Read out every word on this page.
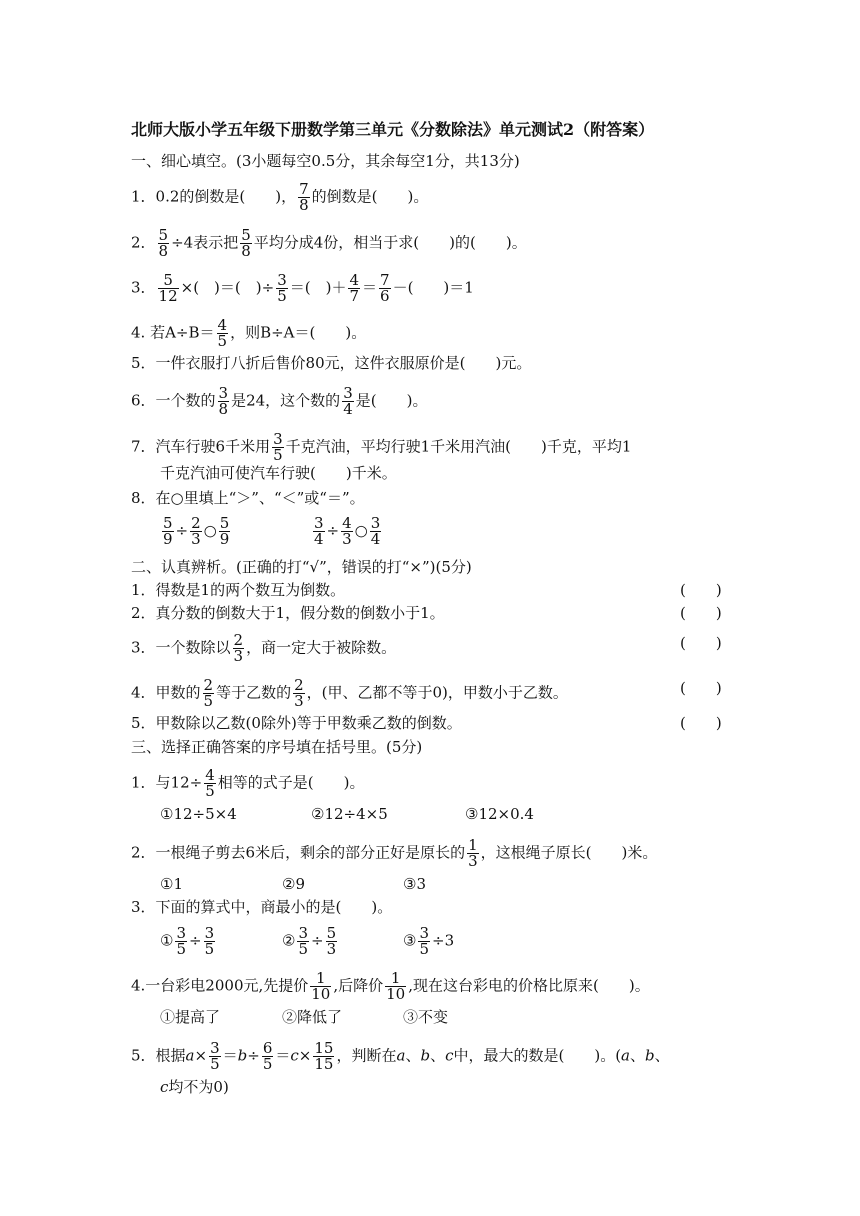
北师大版小学五年级下册数学第三单元《分数除法》单元测试2（附答案）
一、细心填空。(3小题每空0.5分，其余每空1分，共13分)
1．0.2的倒数是(　　)， $\frac{7}{8}$ 的倒数是(　　)。
2． $\frac{5}{8} \div 4$表示把 $\frac{5}{8}$ 平均分成4份，相当于求(　　)的(　　)。
3． $\frac{5}{12}$ ×(　)＝(　)÷ $\frac{3}{5}$ ＝(　)＋ $\frac{4}{7} = \frac{7}{6}$ －(　　)＝1
4. 若$A\div B= \frac{4}{5}$ ，则B÷A＝(　　)。
5．一件衣服打八折后售价80元，这件衣服原价是(　　)元。
6．一个数的 $\frac{3}{8}$ 是24，这个数的 $\frac{3}{4}$ 是(　　)。
7．汽车行驶6千米用 $\frac{3}{5}$ 千克汽油，平均行驶1千米用汽油(　　)千克，平均1
千克汽油可使汽车行驶(　　)千米。
8．在○里填上“＞”、“＜”或“＝”。
$\frac{5}{9} \div \frac{2}{3}$ ○ $\frac{5}{9}$	$\frac{3}{4} \div \frac{4}{3}$ ○ $\frac{3}{4}$
二、认真辨析。(正确的打“√”，错误的打“×”)(5分)
1．得数是1的两个数互为倒数。	(　　)
2．真分数的倒数大于1，假分数的倒数小于1。	(　　)
3．一个数除以 $\frac{2}{3}$ ，商一定大于被除数。	(　　)
4．甲数的 $\frac{2}{5}$ 等于乙数的 $\frac{2}{3}$ ，(甲、乙都不等于0)，甲数小于乙数。	(　　)
5．甲数除以乙数(0除外)等于甲数乘乙数的倒数。	(　　)
三、选择正确答案的序号填在括号里。(5分)
1．与$12\div \frac{4}{5}$ 相等的式子是(　　)。
①12÷5×4	②12÷4×5	③12×0.4
2．一根绳子剪去6米后，剩余的部分正好是原长的 $\frac{1}{3}$ ，这根绳子原长(　　)米。
①1	②9	③3
3．下面的算式中，商最小的是(　　)。
① $\frac{3}{5} \div \frac{3}{5}$	② $\frac{3}{5} \div \frac{5}{3}$	③ $\frac{3}{5} \div 3$
4.一台彩电2000元,先提价 $\frac{1}{10}$ ,后降价 $\frac{1}{10}$ ,现在这台彩电的价格比原来(　　)。
①提高了	②降低了	③不变
5．根据$a\times \frac{3}{5} =b\div \frac{6}{5} =c\times \frac{15}{15}$ ，判断在a、b、c中，最大的数是(　　)。(a、b、
c均不为0)
